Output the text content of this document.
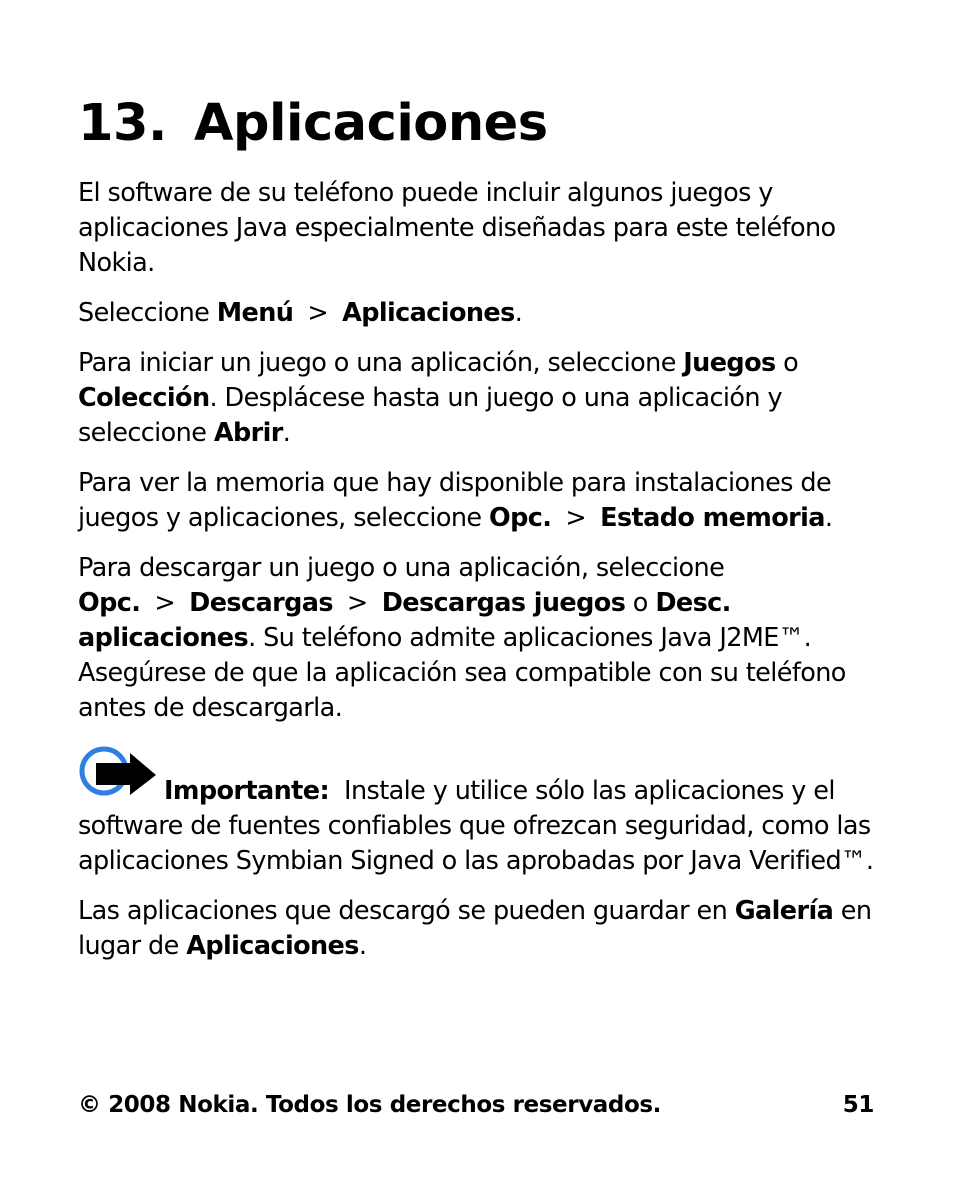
13. Aplicaciones

El software de su teléfono puede incluir algunos juegos y aplicaciones Java especialmente diseñadas para este teléfono Nokia.

Seleccione Menú > Aplicaciones.

Para iniciar un juego o una aplicación, seleccione Juegos o Colección. Desplácese hasta un juego o una aplicación y seleccione Abrir.

Para ver la memoria que hay disponible para instalaciones de juegos y aplicaciones, seleccione Opc. > Estado memoria.

Para descargar un juego o una aplicación, seleccione Opc. > Descargas > Descargas juegos o Desc. aplicaciones. Su teléfono admite aplicaciones Java J2ME™. Asegúrese de que la aplicación sea compatible con su teléfono antes de descargarla.

Importante:  Instale y utilice sólo las aplicaciones y el software de fuentes confiables que ofrezcan seguridad, como las aplicaciones Symbian Signed o las aprobadas por Java Verified™.

Las aplicaciones que descargó se pueden guardar en Galería en lugar de Aplicaciones.

© 2008 Nokia. Todos los derechos reservados.	51
